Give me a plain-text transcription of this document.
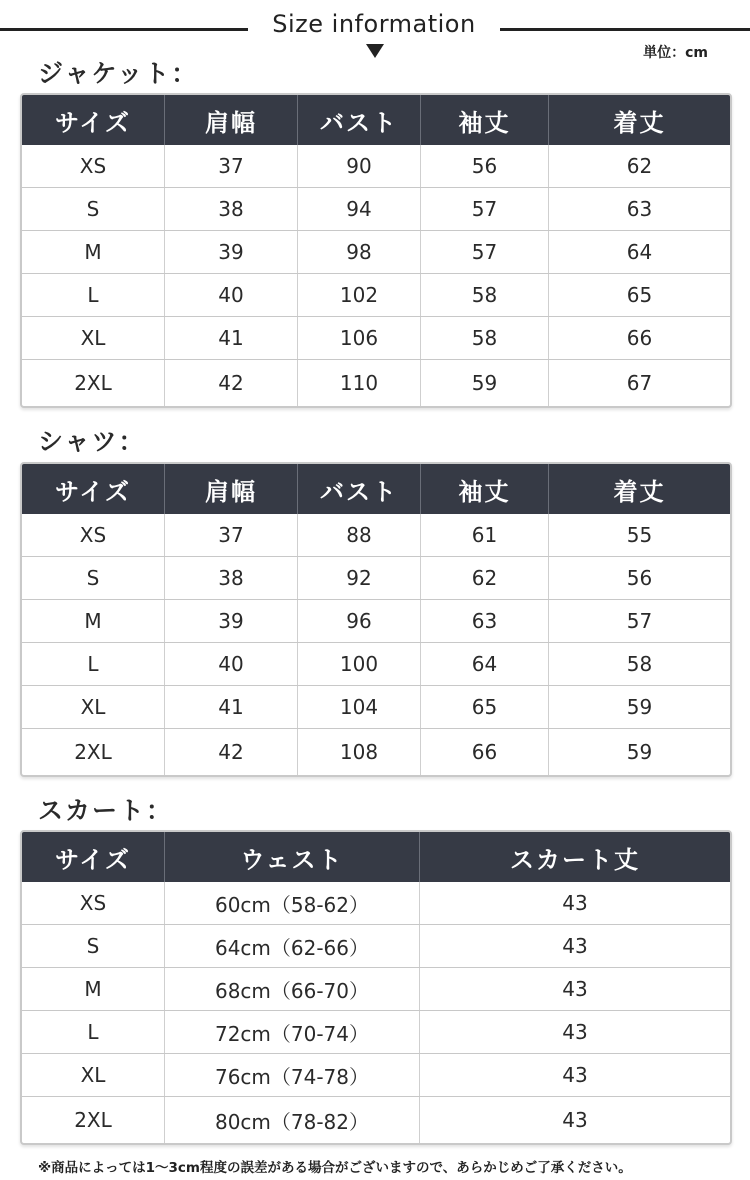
Size information
単位：cm
ジャケット：
サイズ	肩幅	バスト	袖丈	着丈
XS	37	90	56	62
S	38	94	57	63
M	39	98	57	64
L	40	102	58	65
XL	41	106	58	66
2XL	42	110	59	67
シャツ：
サイズ	肩幅	バスト	袖丈	着丈
XS	37	88	61	55
S	38	92	62	56
M	39	96	63	57
L	40	100	64	58
XL	41	104	65	59
2XL	42	108	66	59
スカート：
サイズ	ウェスト	スカート丈
XS	60cm（58-62）	43
S	64cm（62-66）	43
M	68cm（66-70）	43
L	72cm（70-74）	43
XL	76cm（74-78）	43
2XL	80cm（78-82）	43
※商品によっては1～3cm程度の誤差がある場合がございますので、あらかじめご了承ください。
